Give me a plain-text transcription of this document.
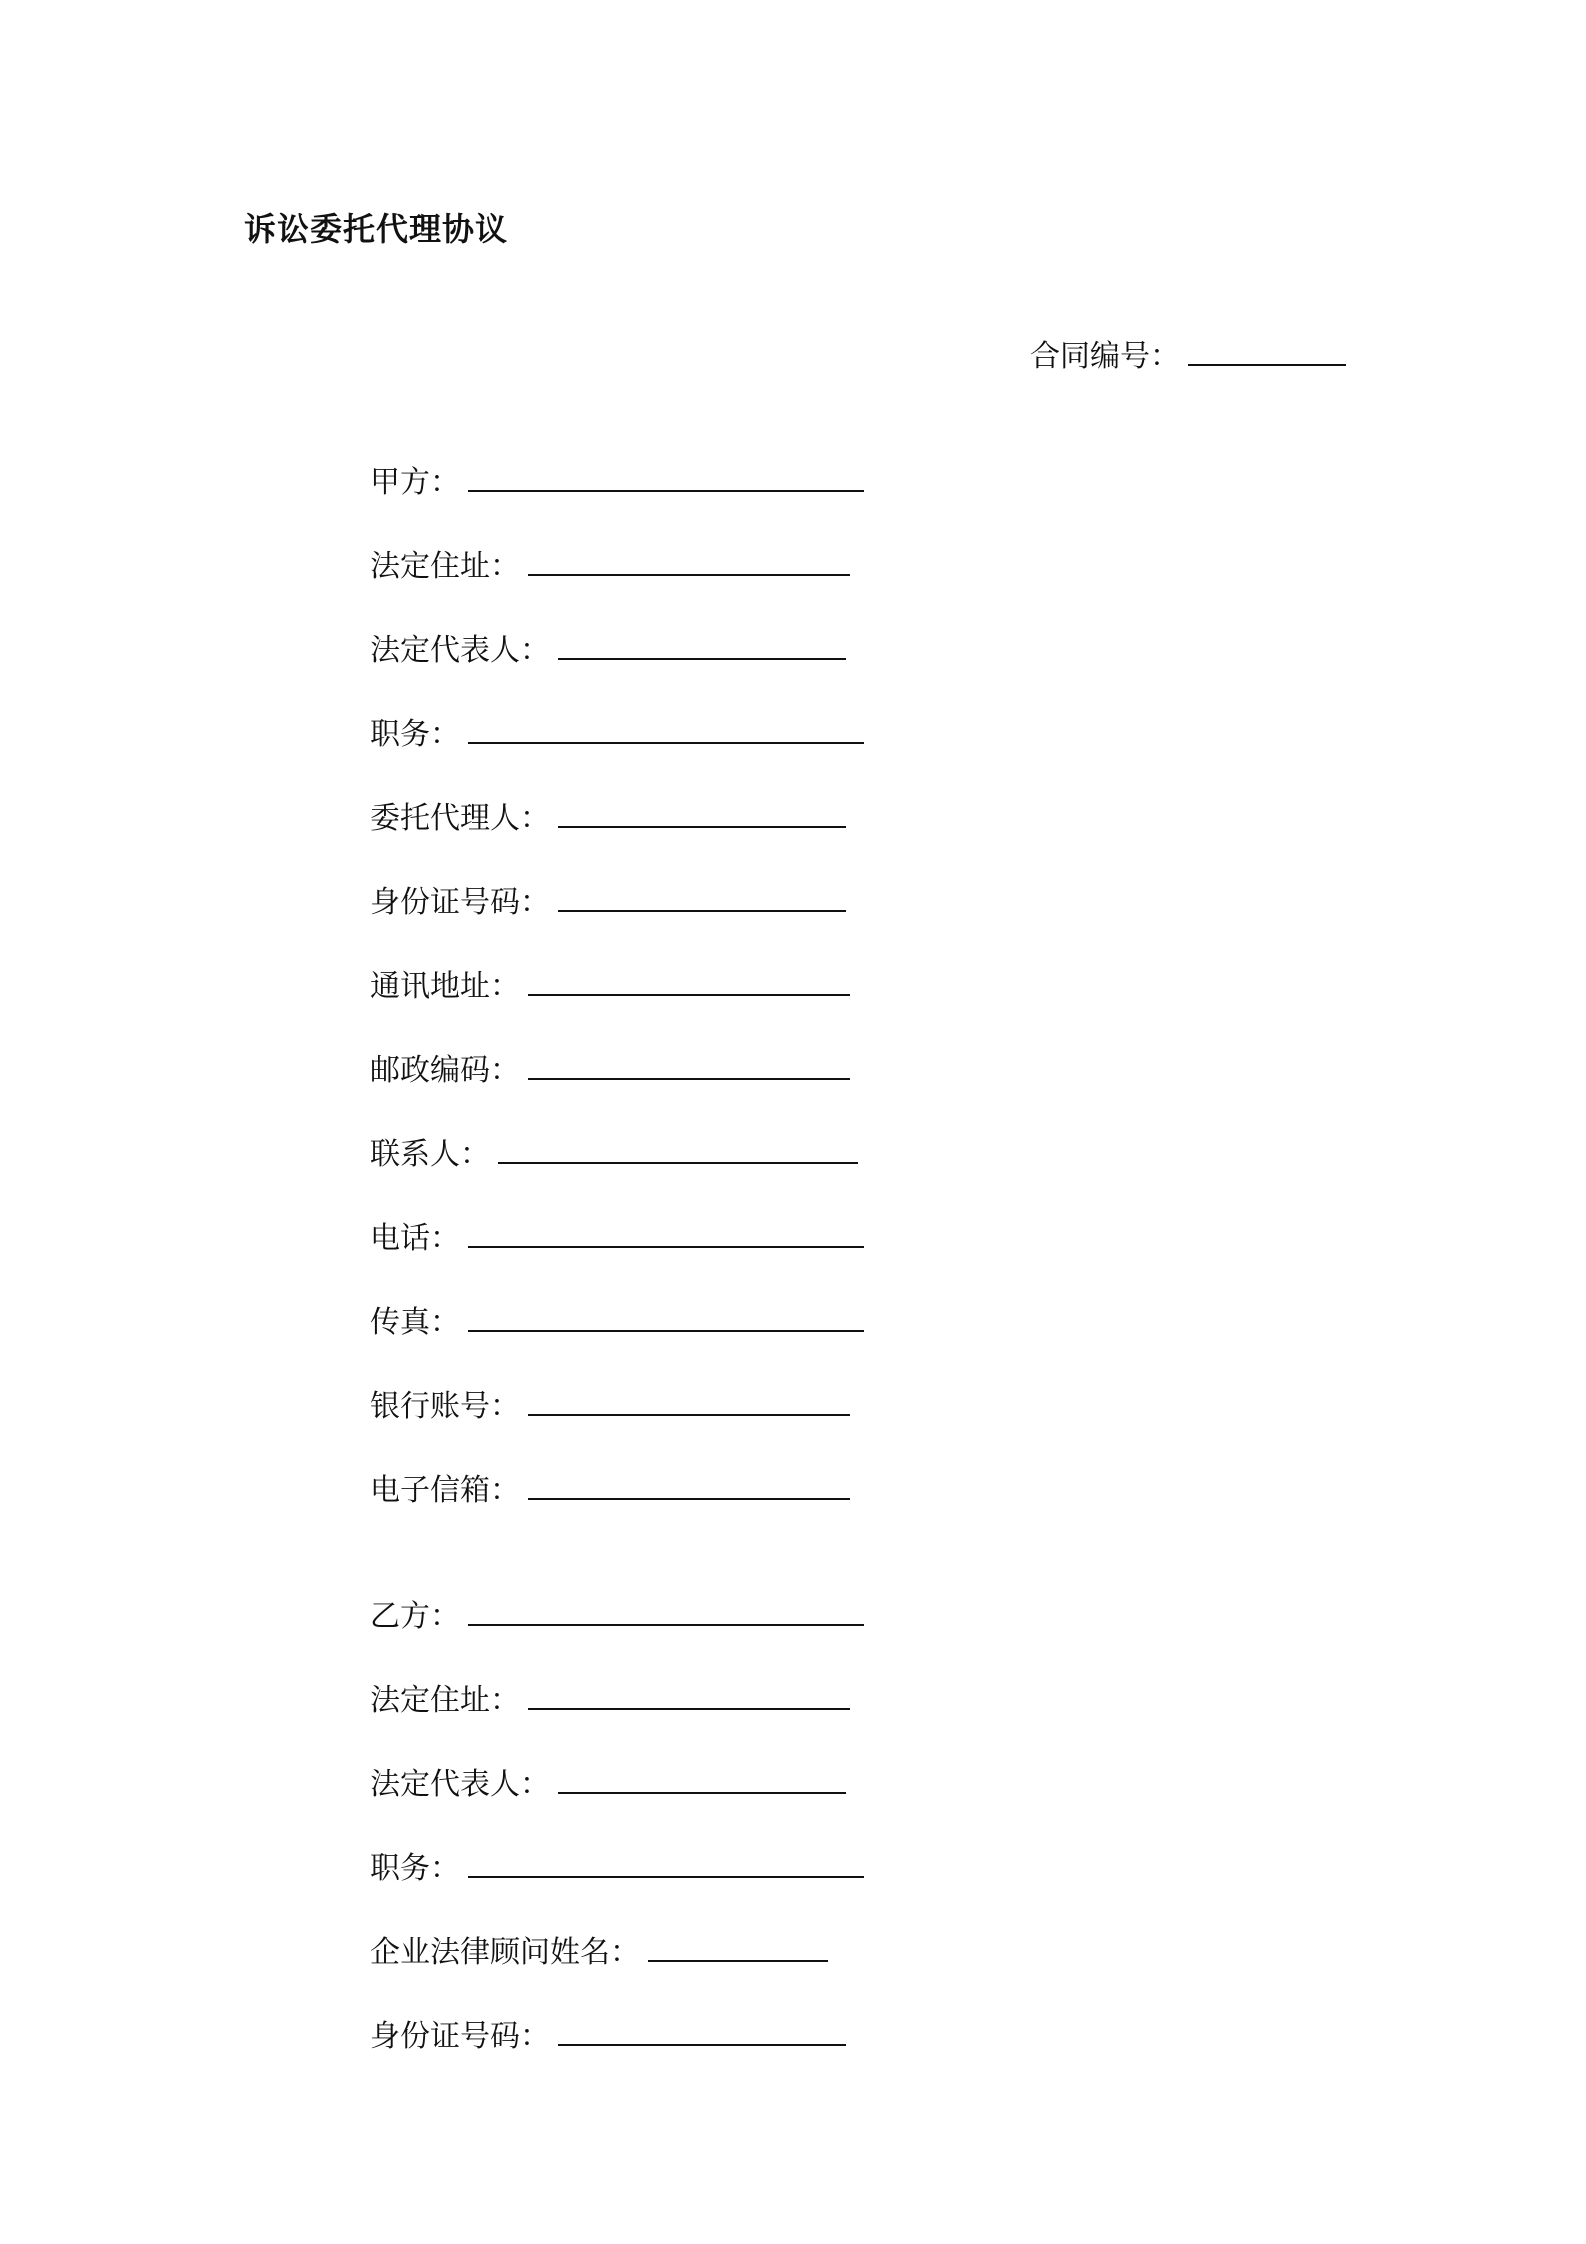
诉讼委托代理协议
合同编号：
甲方：
法定住址：
法定代表人：
职务：
委托代理人：
身份证号码：
通讯地址：
邮政编码：
联系人：
电话：
传真：
银行账号：
电子信箱：
乙方：
法定住址：
法定代表人：
职务：
企业法律顾问姓名：
身份证号码：
